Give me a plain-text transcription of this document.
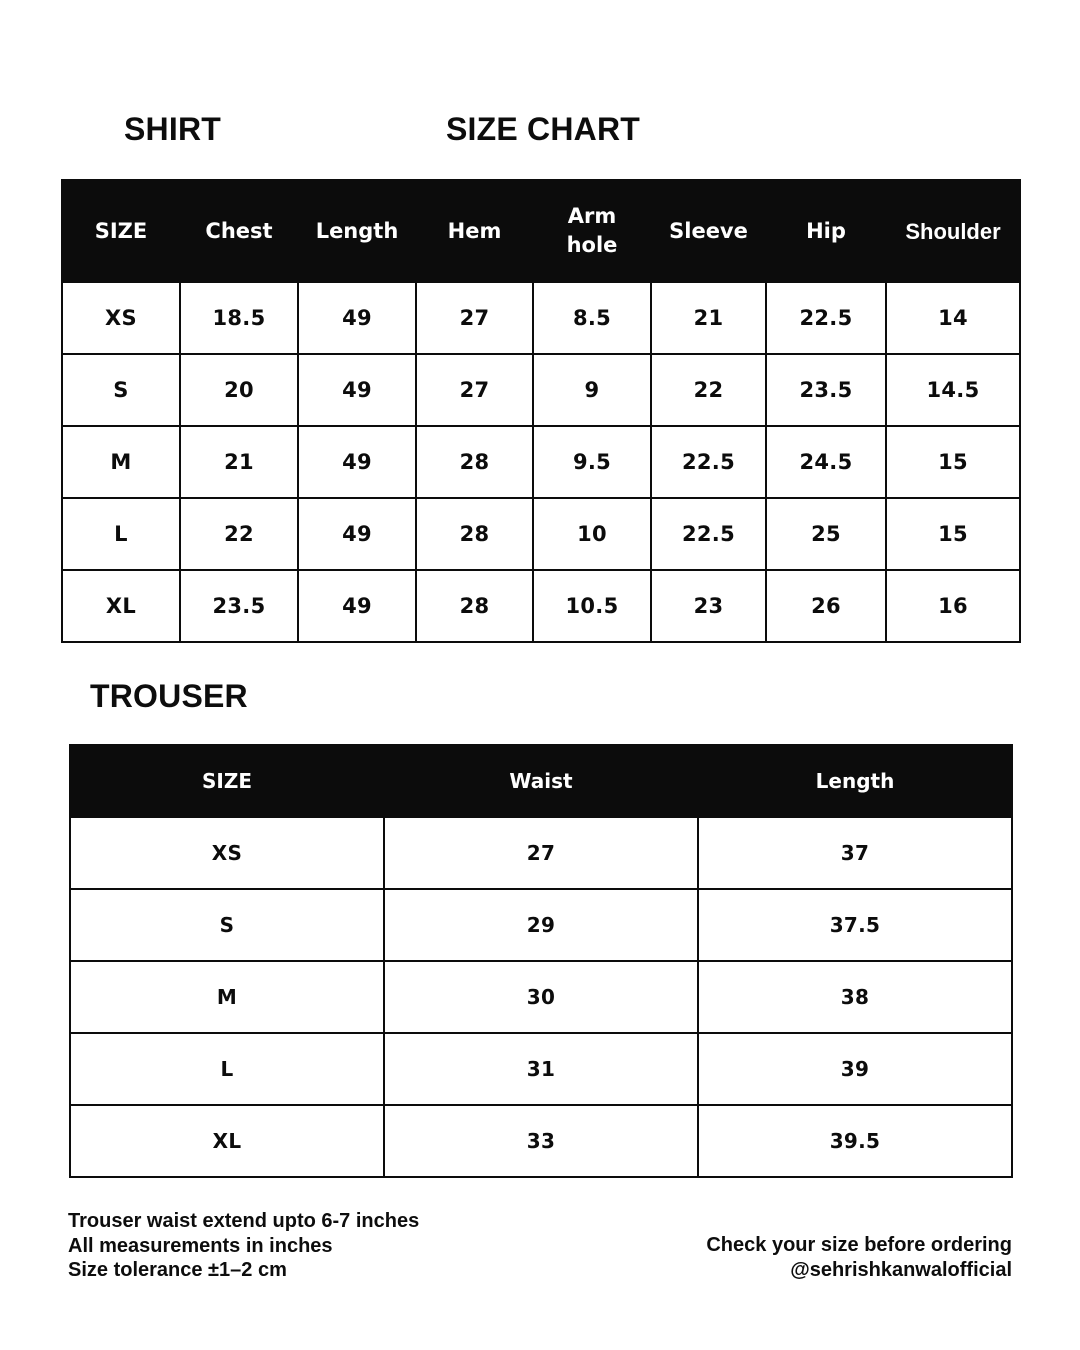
SHIRT	SIZE CHART
SIZE	Chest	Length	Hem	Arm hole	Sleeve	Hip	Shoulder
XS	18.5	49	27	8.5	21	22.5	14
S	20	49	27	9	22	23.5	14.5
M	21	49	28	9.5	22.5	24.5	15
L	22	49	28	10	22.5	25	15
XL	23.5	49	28	10.5	23	26	16
TROUSER
SIZE	Waist	Length
XS	27	37
S	29	37.5
M	30	38
L	31	39
XL	33	39.5
Trouser waist extend upto 6-7 inches
All measurements in inches
Size tolerance ±1–2 cm
Check your size before ordering
@sehrishkanwalofficial
